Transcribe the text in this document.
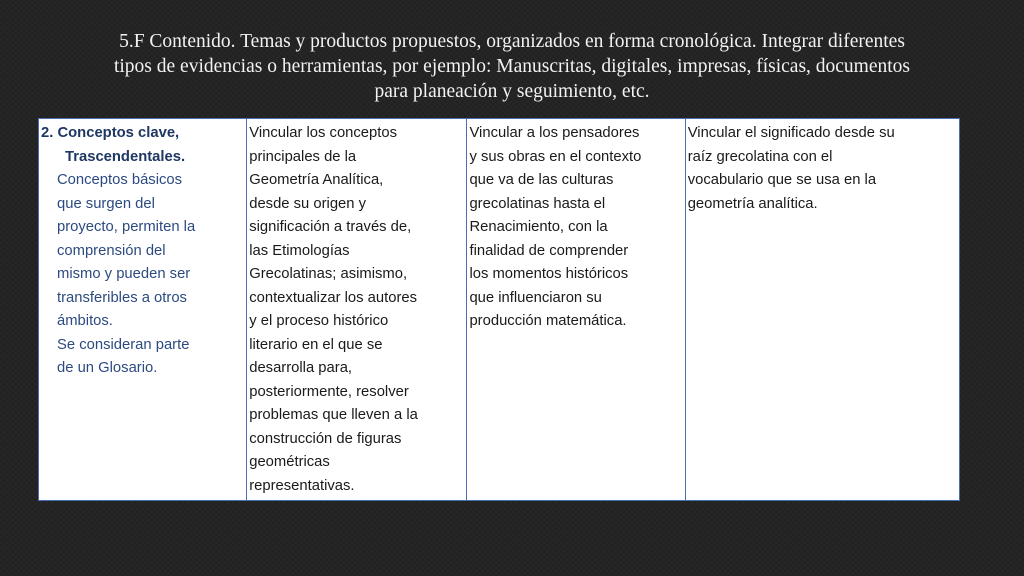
5.F Contenido. Temas y productos propuestos, organizados en forma cronológica. Integrar diferentes
tipos de evidencias o herramientas, por ejemplo: Manuscritas, digitales, impresas, físicas, documentos
para planeación y seguimiento, etc.
2. Conceptos clave,
Trascendentales.
Conceptos básicos
que surgen del
proyecto, permiten la
comprensión del
mismo y pueden ser
transferibles a otros
ámbitos.
Se consideran parte
de un Glosario.

Vincular los conceptos
principales de la
Geometría Analítica,
desde su origen y
significación a través de,
las Etimologías
Grecolatinas; asimismo,
contextualizar los autores
y el proceso histórico
literario en el que se
desarrolla para,
posteriormente, resolver
problemas que lleven a la
construcción de figuras
geométricas
representativas.

Vincular a los pensadores
y sus obras en el contexto
que va de las culturas
grecolatinas hasta el
Renacimiento, con la
finalidad de comprender
los momentos históricos
que influenciaron su
producción matemática.

Vincular el significado desde su
raíz grecolatina con el
vocabulario que se usa en la
geometría analítica.
